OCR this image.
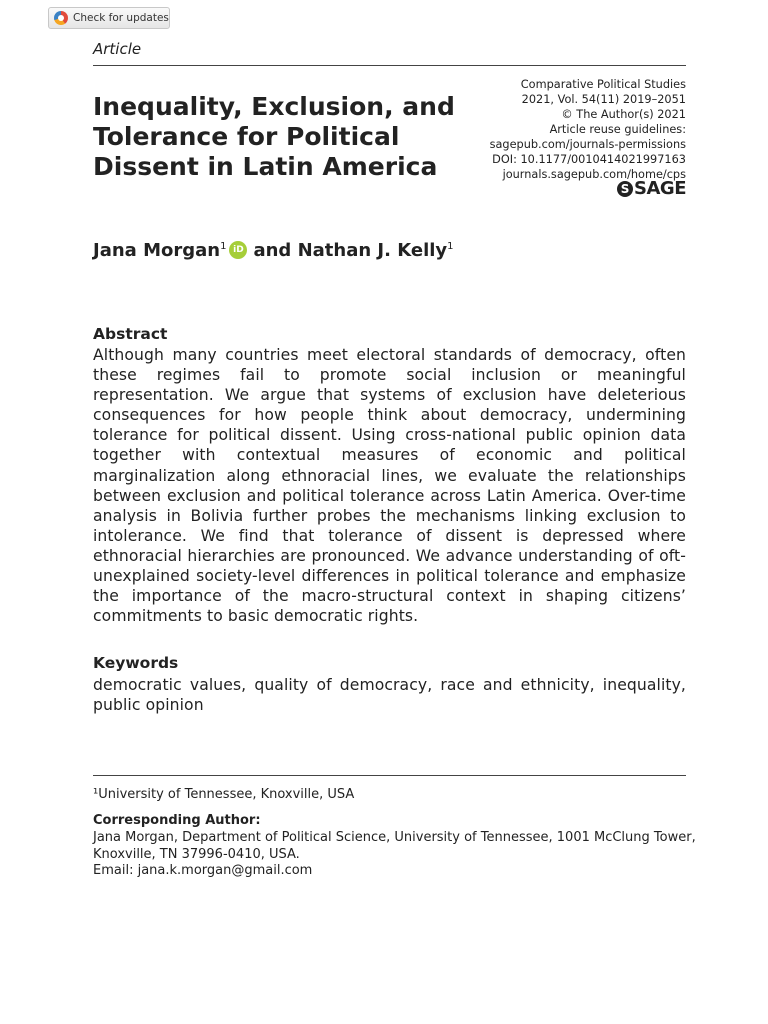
Check for updates
Article
Inequality, Exclusion, and Tolerance for Political Dissent in Latin America
Comparative Political Studies
2021, Vol. 54(11) 2019–2051
© The Author(s) 2021
Article reuse guidelines:
sagepub.com/journals-permissions
DOI: 10.1177/0010414021997163
journals.sagepub.com/home/cps
S SAGE
Jana Morgan$^1$ iD and Nathan J. Kelly$^1$
Abstract

Although many countries meet electoral standards of democracy, often these regimes fail to promote social inclusion or meaningful representation. We argue that systems of exclusion have deleterious consequences for how people think about democracy, undermining tolerance for political dissent. Using cross-national public opinion data together with contextual measures of economic and political marginalization along ethnoracial lines, we evaluate the relationships between exclusion and political tolerance across Latin America. Over-time analysis in Bolivia further probes the mechanisms linking exclusion to intolerance. We find that tolerance of dissent is depressed where ethnoracial hierarchies are pronounced. We advance understanding of oft-unexplained society-level differences in political tolerance and emphasize the importance of the macro-structural context in shaping citizens’ commitments to basic democratic rights.

Keywords

democratic values, quality of democracy, race and ethnicity, inequality, public opinion

¹University of Tennessee, Knoxville, USA
Corresponding Author:
Jana Morgan, Department of Political Science, University of Tennessee, 1001 McClung Tower,
Knoxville, TN 37996-0410, USA.
Email: jana.k.morgan@gmail.com
